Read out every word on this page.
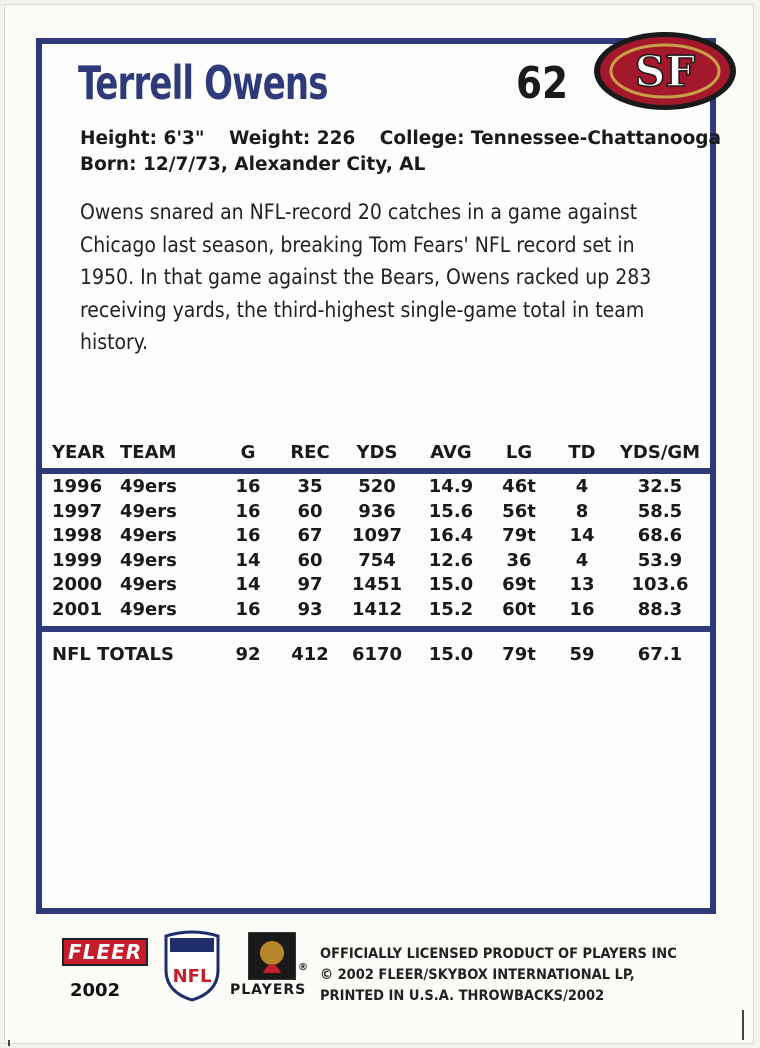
Terrell Owens	62 SF
Height: 6'3" Weight: 226 College: Tennessee-Chattanooga
Born: 12/7/73, Alexander City, AL
Owens snared an NFL-record 20 catches in a game against Chicago last season, breaking Tom Fears' NFL record set in 1950. In that game against the Bears, Owens racked up 283 receiving yards, the third-highest single-game total in team history.
YEAR TEAM	G	REC	YDS	AVG	LG	TD	YDS/GM
1996 49ers	16	35	520	14.9	46t	4	32.5
1997 49ers	16	60	936	15.6	56t	8	58.5
1998 49ers	16	67	1097	16.4	79t	14	68.6
1999 49ers	14	60	754	12.6	36	4	53.9
2000 49ers	14	97	1451	15.0	69t	13	103.6
2001 49ers	16	93	1412	15.2	60t	16	88.3
NFL TOTALS	92	412	6170	15.0	79t	59	67.1
FLEER
2002
NFL	®
PLAYERS
OFFICIALLY LICENSED PRODUCT OF PLAYERS INC
© 2002 FLEER/SKYBOX INTERNATIONAL LP,
PRINTED IN U.S.A. THROWBACKS/2002
